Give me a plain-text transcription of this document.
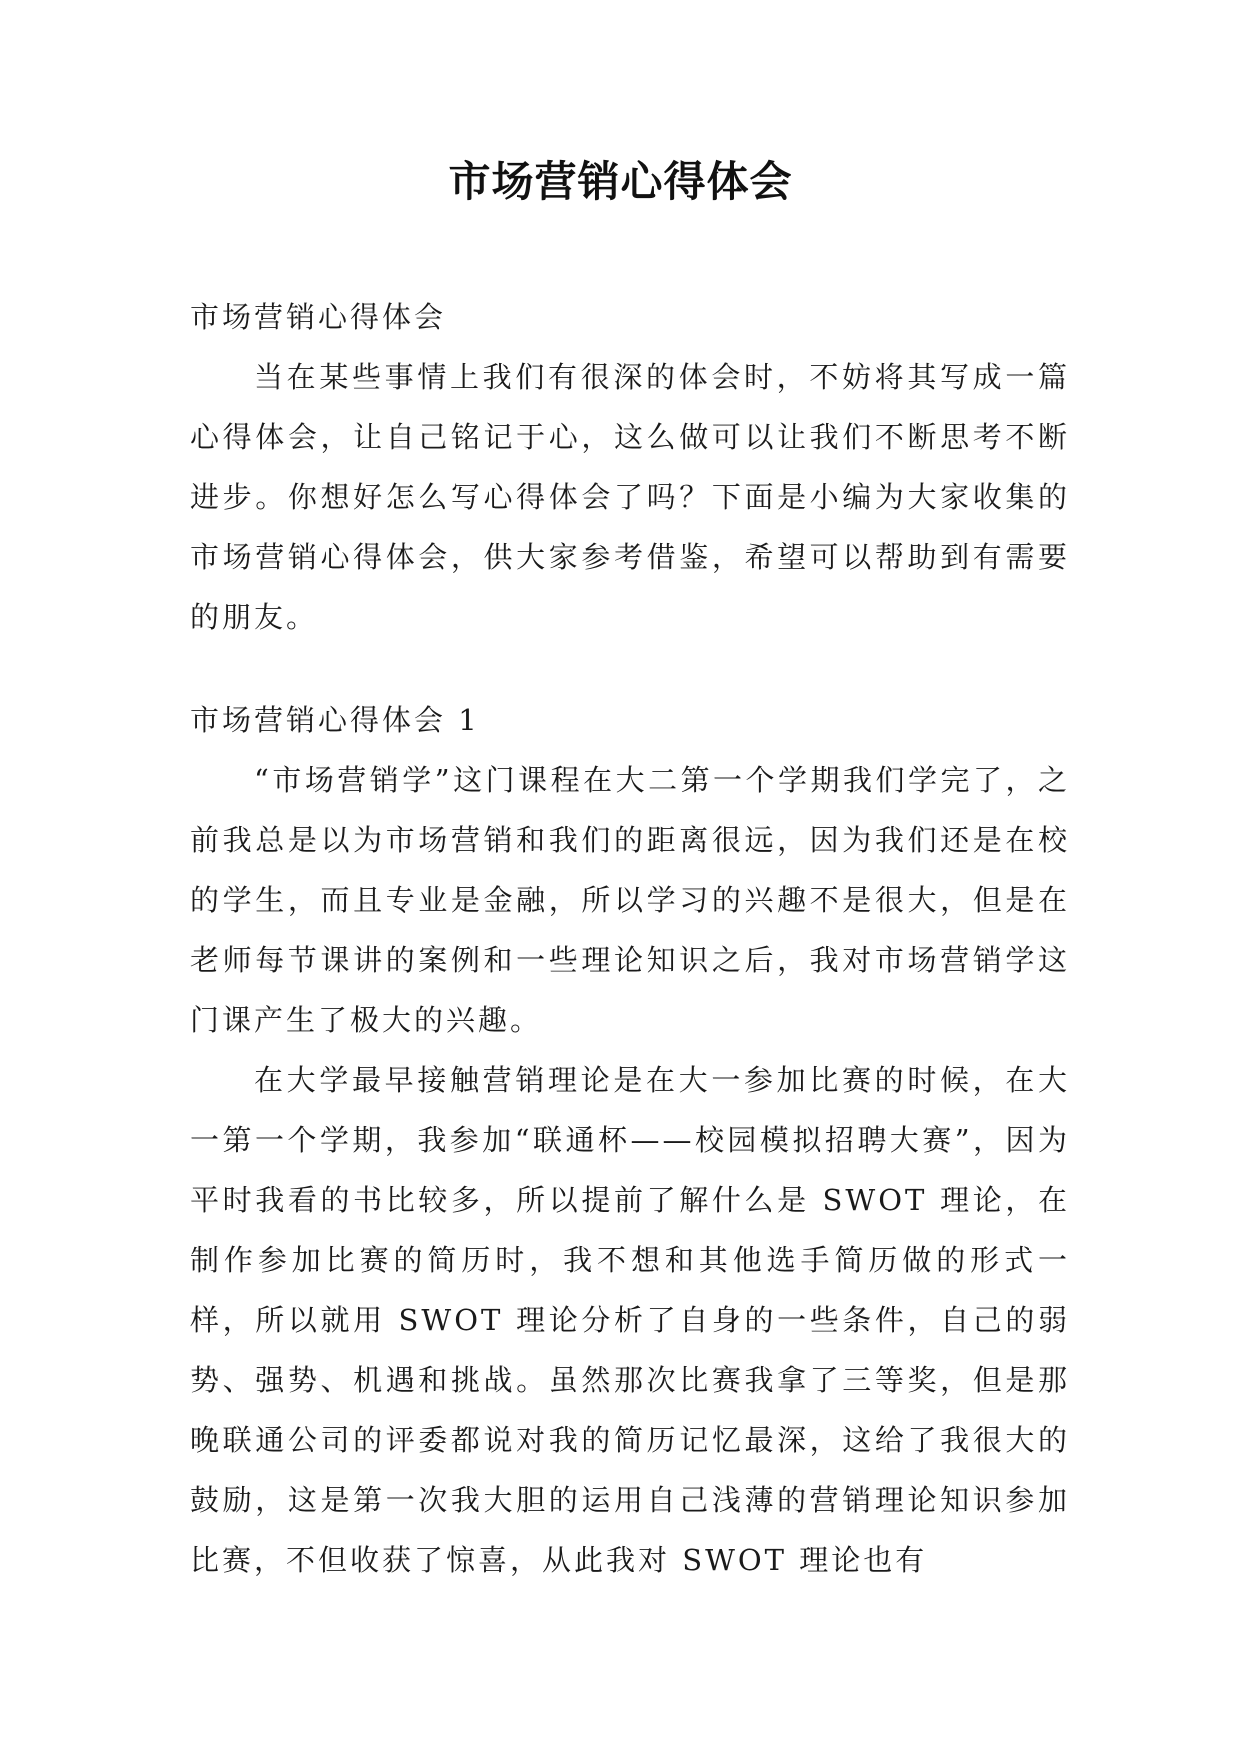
市场营销心得体会
市场营销心得体会

当在某些事情上我们有很深的体会时，不妨将其写成一篇心得体会，让自己铭记于心，这么做可以让我们不断思考不断进步。你想好怎么写心得体会了吗？下面是小编为大家收集的市场营销心得体会，供大家参考借鉴，希望可以帮助到有需要的朋友。

市场营销心得体会 1

“市场营销学”这门课程在大二第一个学期我们学完了，之前我总是以为市场营销和我们的距离很远，因为我们还是在校的学生，而且专业是金融，所以学习的兴趣不是很大，但是在老师每节课讲的案例和一些理论知识之后，我对市场营销学这门课产生了极大的兴趣。

在大学最早接触营销理论是在大一参加比赛的时候，在大一第一个学期，我参加“联通杯——校园模拟招聘大赛”，因为平时我看的书比较多，所以提前了解什么是 SWOT 理论，在制作参加比赛的简历时，我不想和其他选手简历做的形式一样，所以就用 SWOT 理论分析了自身的一些条件，自己的弱势、强势、机遇和挑战。虽然那次比赛我拿了三等奖，但是那晚联通公司的评委都说对我的简历记忆最深，这给了我很大的鼓励，这是第一次我大胆的运用自己浅薄的营销理论知识参加比赛，不但收获了惊喜，从此我对 SWOT 理论也有
